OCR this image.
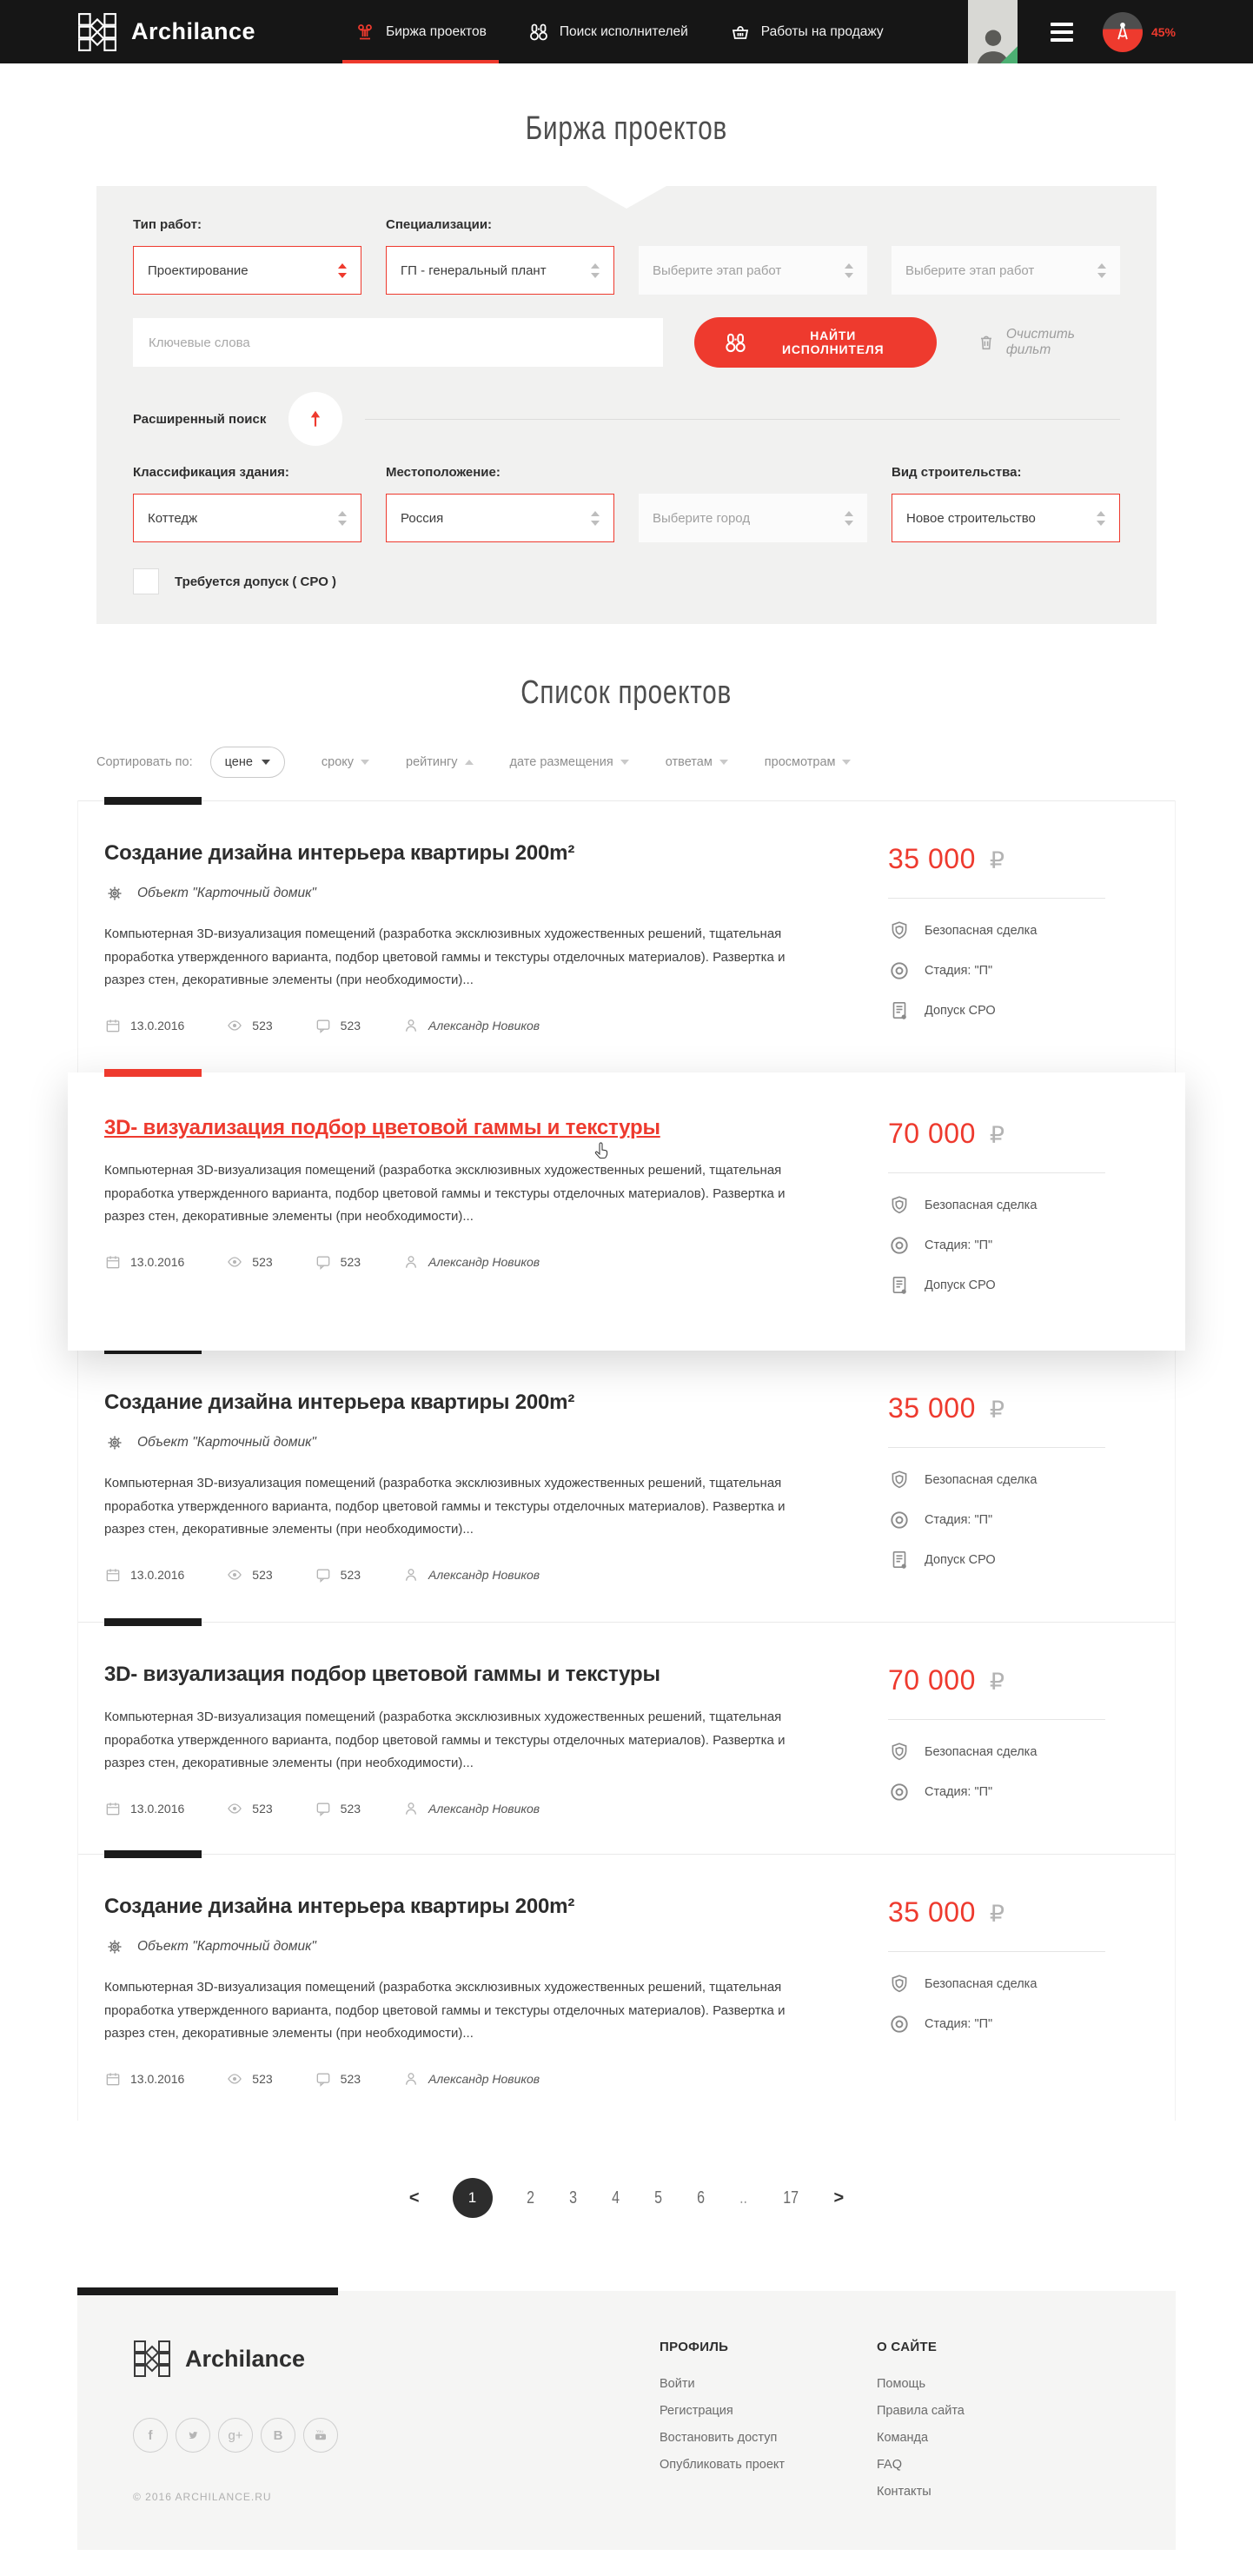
Archilance	Биржа проектов	Поиск исполнителей	Работы на продажу	45%
Биржа проектов
Тип работ:	Специализации:
Проектирование	ГП - генеральный плант	Выберите этап работ	Выберите этап работ
Ключевые слова
НАЙТИ ИСПОЛНИТЕЛЯ
Очистить фильт
Расширенный поиск
Классификация здания:	Местоположение:	Вид строительства:
Коттедж	Россия	Выберите город	Новое строительство
Требуется допуск ( СРО )
Список проектов
Сортировать по:	цене	сроку	рейтингу	дате размещения	ответам	просмотрам
Создание дизайна интерьера квартиры 200m²
Объект "Карточный домик"

Компьютерная 3D-визуализация помещений (разработка эксклюзивных художественных решений, тщательная проработка утвержденного варианта, подбор цветовой гаммы и текстуры отделочных материалов). Развертка и разрез стен, декоративные элементы (при необходимости)...

13.0.2016	523	523	Александр Новиков
35 000 ₽
Безопасная сделка
Стадия: "П"
Допуск СРО
3D- визуализация подбор цветовой гаммы и текстуры

Компьютерная 3D-визуализация помещений (разработка эксклюзивных художественных решений, тщательная проработка утвержденного варианта, подбор цветовой гаммы и текстуры отделочных материалов). Развертка и разрез стен, декоративные элементы (при необходимости)...

13.0.2016	523	523	Александр Новиков
70 000 ₽
Безопасная сделка
Стадия: "П"
Допуск СРО
Создание дизайна интерьера квартиры 200m²
Объект "Карточный домик"

Компьютерная 3D-визуализация помещений (разработка эксклюзивных художественных решений, тщательная проработка утвержденного варианта, подбор цветовой гаммы и текстуры отделочных материалов). Развертка и разрез стен, декоративные элементы (при необходимости)...

13.0.2016	523	523	Александр Новиков
35 000 ₽
Безопасная сделка
Стадия: "П"
Допуск СРО
3D- визуализация подбор цветовой гаммы и текстуры

Компьютерная 3D-визуализация помещений (разработка эксклюзивных художественных решений, тщательная проработка утвержденного варианта, подбор цветовой гаммы и текстуры отделочных материалов). Развертка и разрез стен, декоративные элементы (при необходимости)...

13.0.2016	523	523	Александр Новиков
70 000 ₽
Безопасная сделка
Стадия: "П"
Создание дизайна интерьера квартиры 200m²
Объект "Карточный домик"

Компьютерная 3D-визуализация помещений (разработка эксклюзивных художественных решений, тщательная проработка утвержденного варианта, подбор цветовой гаммы и текстуры отделочных материалов). Развертка и разрез стен, декоративные элементы (при необходимости)...

13.0.2016	523	523	Александр Новиков
35 000 ₽
Безопасная сделка
Стадия: "П"
<	1	2 3 4 5 6 .. 17 >
Archilance
f	g+ B	You
© 2016 ARCHILANCE.RU
ПРОФИЛЬ
Войти
Регистрация
Востановить доступ
Опубликовать проект
О САЙТЕ
Помощь
Правила сайта
Команда
FAQ
Контакты
